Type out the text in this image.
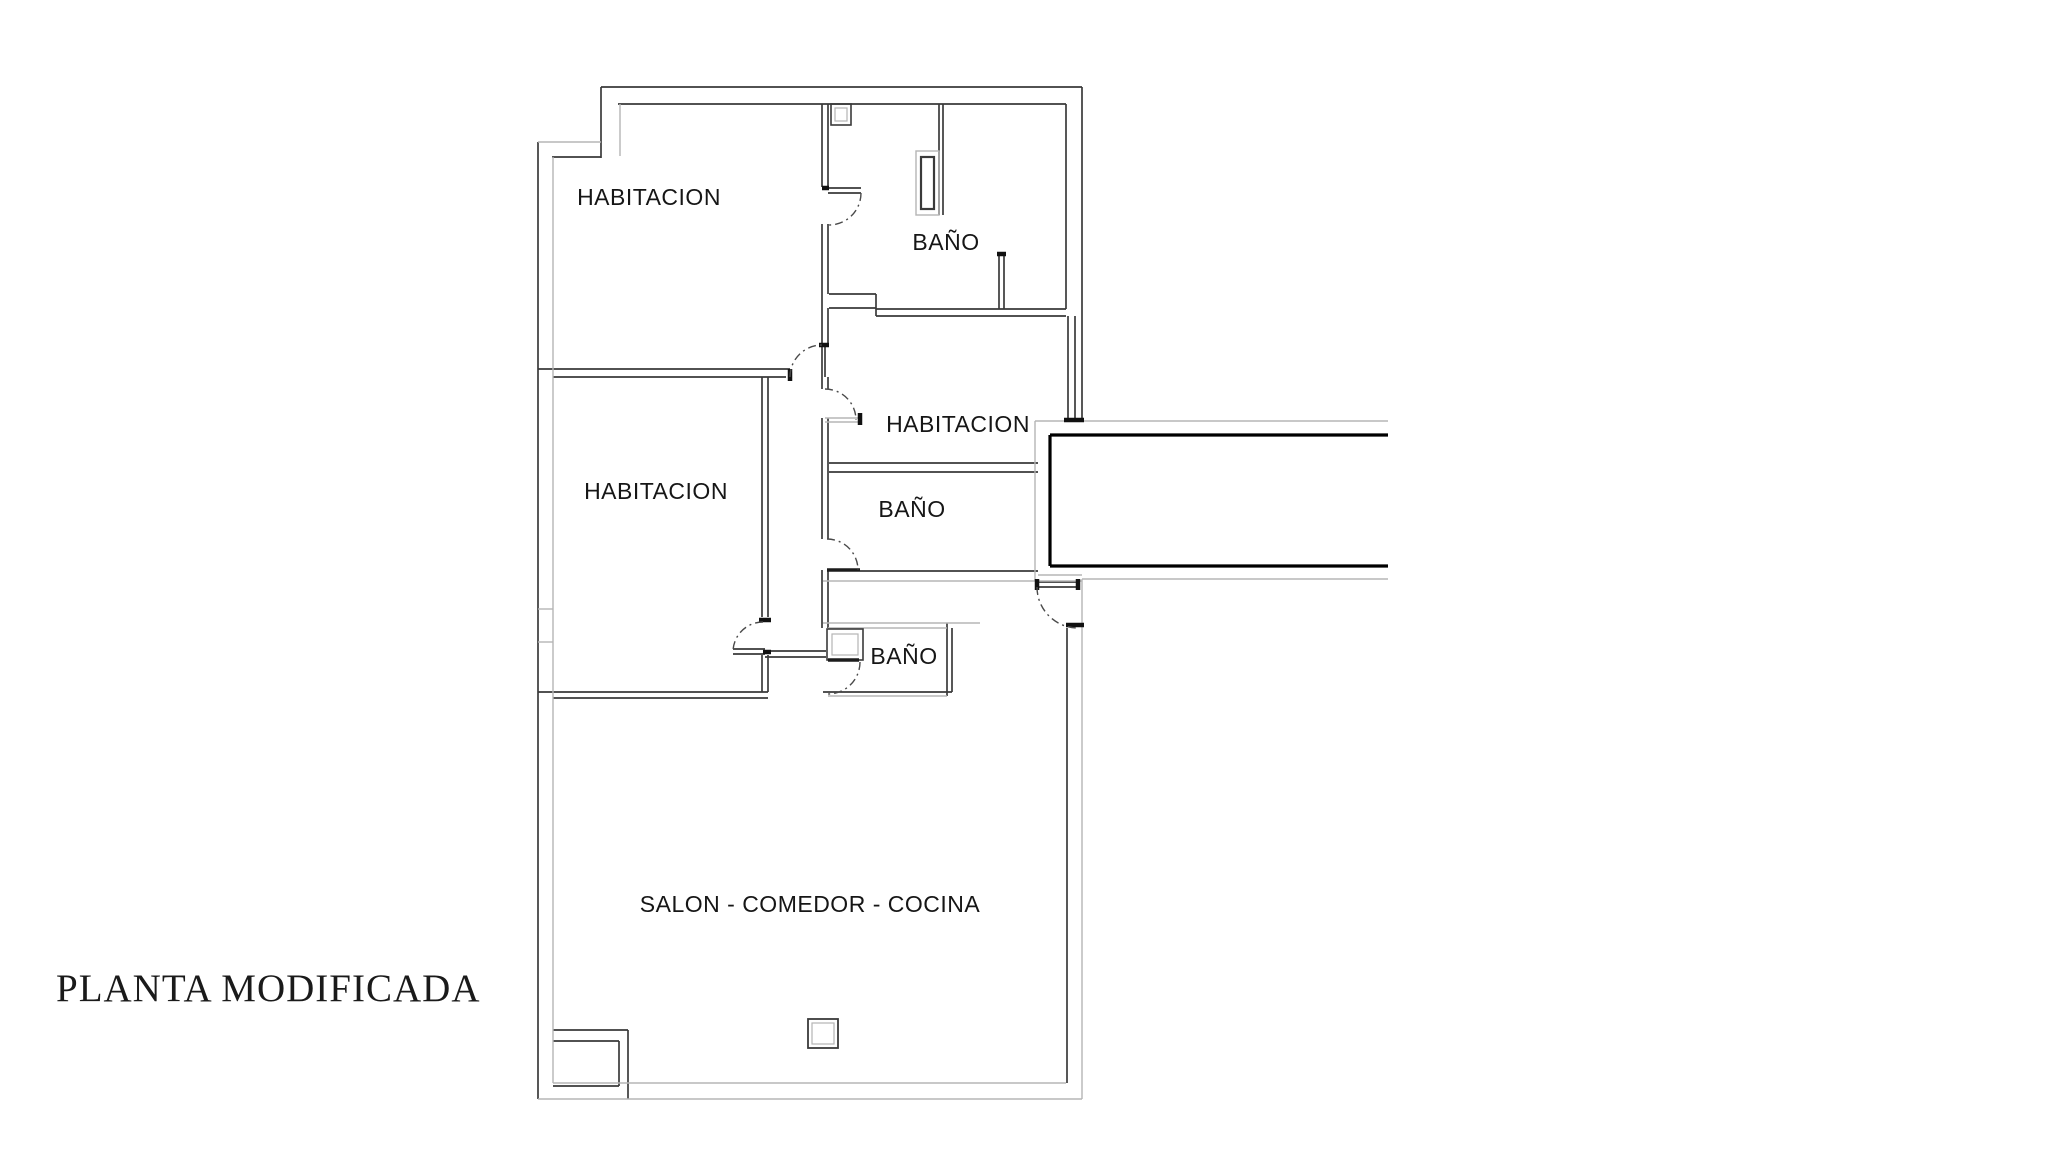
HABITACION
BAÑO
HABITACION
HABITACION
BAÑO
BAÑO
SALON - COMEDOR - COCINA
PLANTA MODIFICADA
